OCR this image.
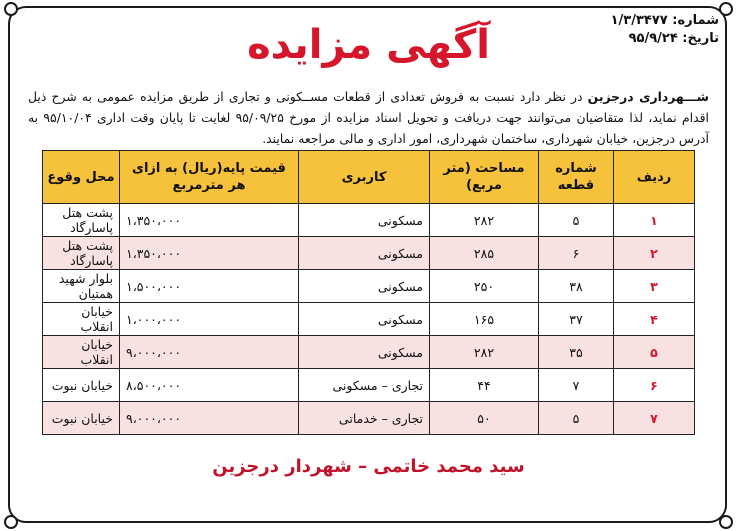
شماره: ۱/۳/۳۴۷۷
تاریخ: ۹۵/۹/۲۴
آگهی مزایده
شـــهرداری درجزین در نظر دارد نسبت به فروش تعدادی از قطعات مســکونی و تجاری از طریق مزایده عمومی به شرح ذیل اقدام نماید، لذا متقاضیان می‌توانند جهت دریافت و تحویل اسناد مزایده از مورخ ۹۵/۰۹/۲۵ لغایت تا پایان وقت اداری ۹۵/۱۰/۰۴ به آدرس درجزین، خیابان شهرداری، ساختمان شهرداری، امور اداری و مالی مراجعه نمایند.
ردیف	شماره قطعه	مساحت (متر مربع)	کاربری	قیمت پایه(ریال) به ازای هر مترمربع	محل وقوع
۱	۵	۲۸۲	مسکونی	۱،۳۵۰،۰۰۰	پشت هتل پاسارگاد
۲	۶	۲۸۵	مسکونی	۱،۳۵۰،۰۰۰	پشت هتل پاسارگاد
۳	۳۸	۲۵۰	مسکونی	۱،۵۰۰،۰۰۰	بلوار شهید همتیان
۴	۳۷	۱۶۵	مسکونی	۱،۰۰۰،۰۰۰	خیابان انقلاب
۵	۳۵	۲۸۲	مسکونی	۹،۰۰۰،۰۰۰	خیابان انقلاب
۶	۷	۴۴	تجاری – مسکونی	۸،۵۰۰،۰۰۰	خیابان نبوت
۷	۵	۵۰	تجاری – خدماتی	۹،۰۰۰،۰۰۰	خیابان نبوت
سید محمد خاتمی – شهردار درجزین
